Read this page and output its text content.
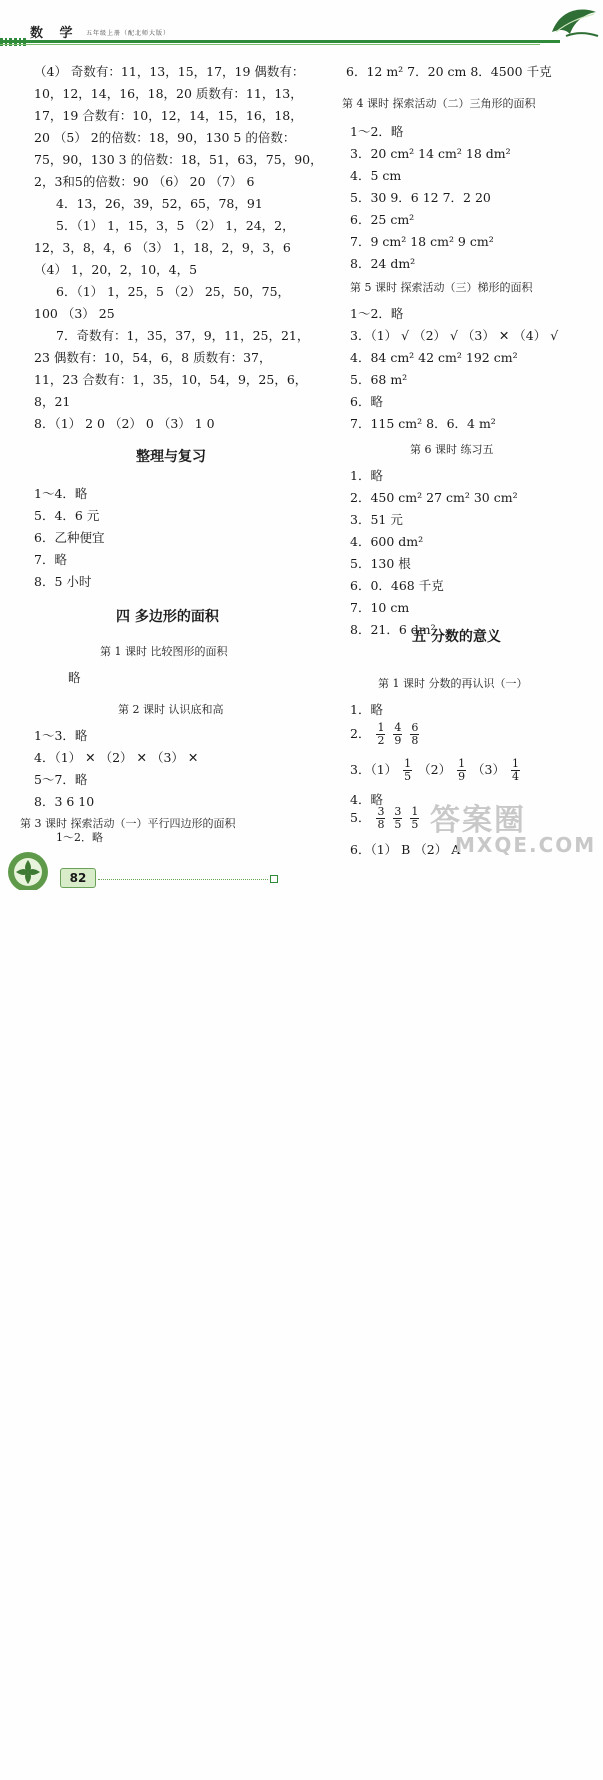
数 学 五年级上册（配北师大版）
（4） 奇数有：11，13，15，17，19 偶数有：
10，12，14，16，18，20 质数有：11，13，
17，19 合数有：10，12，14，15，16，18，
20 （5） 2的倍数：18，90，130 5 的倍数：
75，90，130 3 的倍数：18，51，63，75，90，
2，3和5的倍数：90 （6） 20 （7） 6
4．13，26，39，52，65，78，91
5．（1） 1，15，3，5 （2） 1，24，2，
12，3，8，4，6 （3） 1，18，2，9，3，6
（4） 1，20，2，10，4，5
6．（1） 1，25，5 （2） 25，50，75，
100 （3） 25
7．奇数有：1，35，37，9，11，25，21，
23 偶数有：10，54，6，8 质数有：37，
11，23 合数有：1，35，10，54，9，25，6，
8，21
8．（1） 2 0 （2） 0 （3） 1 0
整理与复习
1～4．略
5．4．6 元
6．乙种便宜
7．略
8．5 小时
四 多边形的面积
第 1 课时 比较图形的面积
略
第 2 课时 认识底和高
1～3．略
4．（1） ✕ （2） ✕ （3） ✕
5～7．略
8．3 6 10
第 3 课时 探索活动（一）平行四边形的面积
1～2．略
6．12 m² 7．20 cm 8．4500 千克
第 4 课时 探索活动（二）三角形的面积
1～2．略
3．20 cm² 14 cm² 18 dm²
4．5 cm
5．30 9．6 12 7．2 20
6．25 cm²
7．9 cm² 18 cm² 9 cm²
8．24 dm²
第 5 课时 探索活动（三）梯形的面积
1～2．略
3．（1） √ （2） √ （3） ✕ （4） √
4．84 cm² 42 cm² 192 cm²
5．68 m²
6．略
7．115 cm² 8．6．4 m²
第 6 课时 练习五
1．略
2．450 cm² 27 cm² 30 cm²
3．51 元
4．600 dm²
5．130 根
6．0．468 千克
7．10 cm
8．21．6 dm²
五 分数的意义
第 1 课时 分数的再认识（一）
1．略
2． $\frac{1}{2}$
$\frac{4}{9}$
$\frac{6}{8}$
3．$(1) \frac{1}{5} (2) \frac{1}{9} (3) \frac{1}{4}$
4．略
5． $\frac{3}{8}$
$\frac{3}{5}$
$\frac{1}{5}$
6．（1） B （2） A
答案圈
MXQE.COM
82
